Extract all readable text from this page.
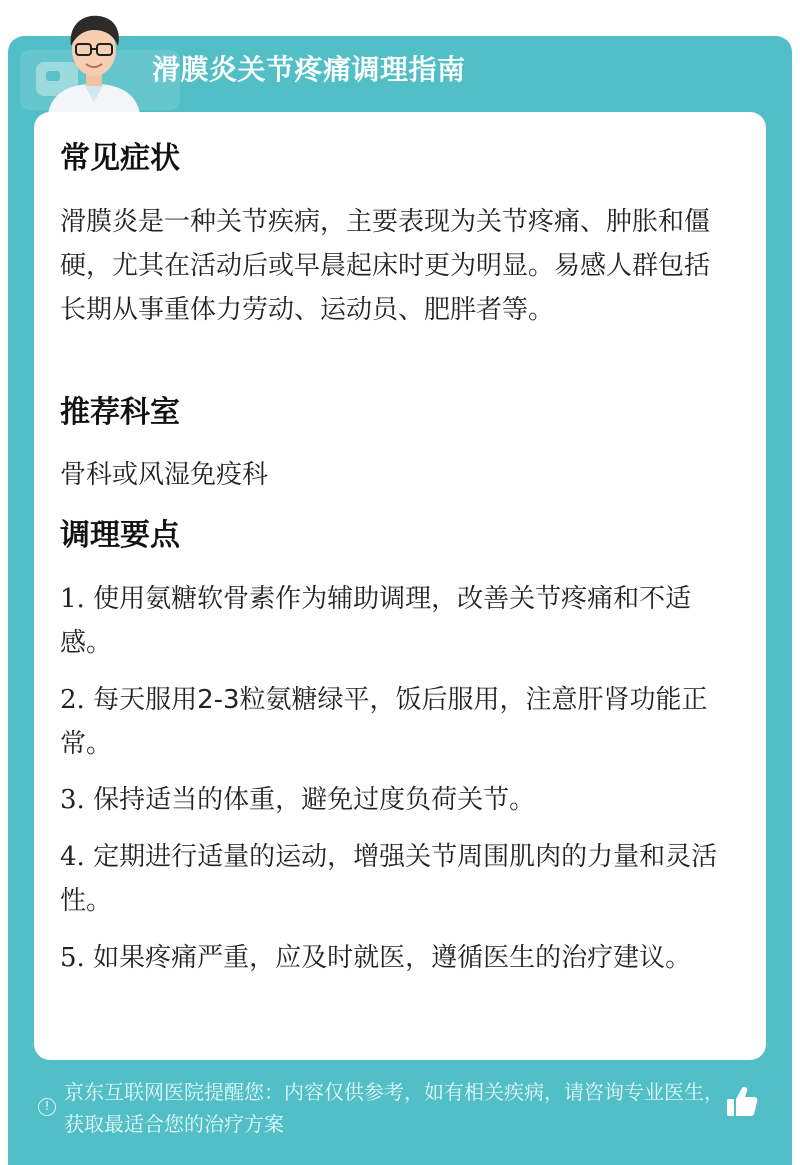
滑膜炎关节疼痛调理指南
常见症状
滑膜炎是一种关节疾病，主要表现为关节疼痛、肿胀和僵硬，尤其在活动后或早晨起床时更为明显。易感人群包括长期从事重体力劳动、运动员、肥胖者等。
推荐科室
骨科或风湿免疫科
调理要点
1. 使用氨糖软骨素作为辅助调理，改善关节疼痛和不适感。
2. 每天服用2-3粒氨糖绿平，饭后服用，注意肝肾功能正常。
3. 保持适当的体重，避免过度负荷关节。
4. 定期进行适量的运动，增强关节周围肌肉的力量和灵活性。
5. 如果疼痛严重，应及时就医，遵循医生的治疗建议。
!
京东互联网医院提醒您：内容仅供参考，如有相关疾病，请咨询专业医生，获取最适合您的治疗方案
